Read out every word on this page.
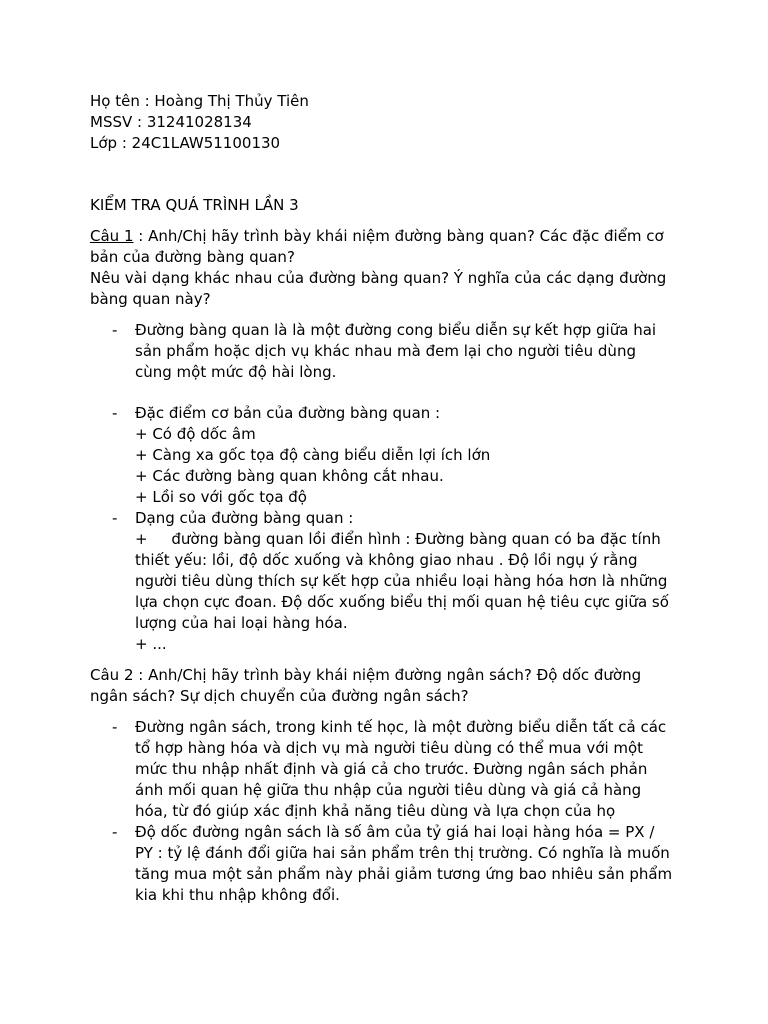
Họ tên : Hoàng Thị Thủy Tiên

MSSV : 31241028134

Lớp : 24C1LAW51100130

KIỂM TRA QUÁ TRÌNH LẦN 3

Câu 1 : Anh/Chị hãy trình bày khái niệm đường bàng quan? Các đặc điểm cơ

bản của đường bàng quan?

Nêu vài dạng khác nhau của đường bàng quan? Ý nghĩa của các dạng đường

bàng quan này?

- Đường bàng quan là là một đường cong biểu diễn sự kết hợp giữa hai

sản phẩm hoặc dịch vụ khác nhau mà đem lại cho người tiêu dùng

cùng một mức độ hài lòng.

- Đặc điểm cơ bản của đường bàng quan :

+ Có độ dốc âm

+ Càng xa gốc tọa độ càng biểu diễn lợi ích lớn

+ Các đường bàng quan không cắt nhau.

+ Lồi so với gốc tọa độ

- Dạng của đường bàng quan :

+     đường bàng quan lồi điển hình : Đường bàng quan có ba đặc tính

thiết yếu: lồi, độ dốc xuống và không giao nhau . Độ lồi ngụ ý rằng

người tiêu dùng thích sự kết hợp của nhiều loại hàng hóa hơn là những

lựa chọn cực đoan. Độ dốc xuống biểu thị mối quan hệ tiêu cực giữa số

lượng của hai loại hàng hóa.

+ ...

Câu 2 : Anh/Chị hãy trình bày khái niệm đường ngân sách? Độ dốc đường

ngân sách? Sự dịch chuyển của đường ngân sách?

- Đường ngân sách, trong kinh tế học, là một đường biểu diễn tất cả các

tổ hợp hàng hóa và dịch vụ mà người tiêu dùng có thể mua với một

mức thu nhập nhất định và giá cả cho trước. Đường ngân sách phản

ánh mối quan hệ giữa thu nhập của người tiêu dùng và giá cả hàng

hóa, từ đó giúp xác định khả năng tiêu dùng và lựa chọn của họ

- Độ dốc đường ngân sách là số âm của tỷ giá hai loại hàng hóa = PX /

PY : tỷ lệ đánh đổi giữa hai sản phẩm trên thị trường. Có nghĩa là muốn

tăng mua một sản phẩm này phải giảm tương ứng bao nhiêu sản phẩm

kia khi thu nhập không đổi.
